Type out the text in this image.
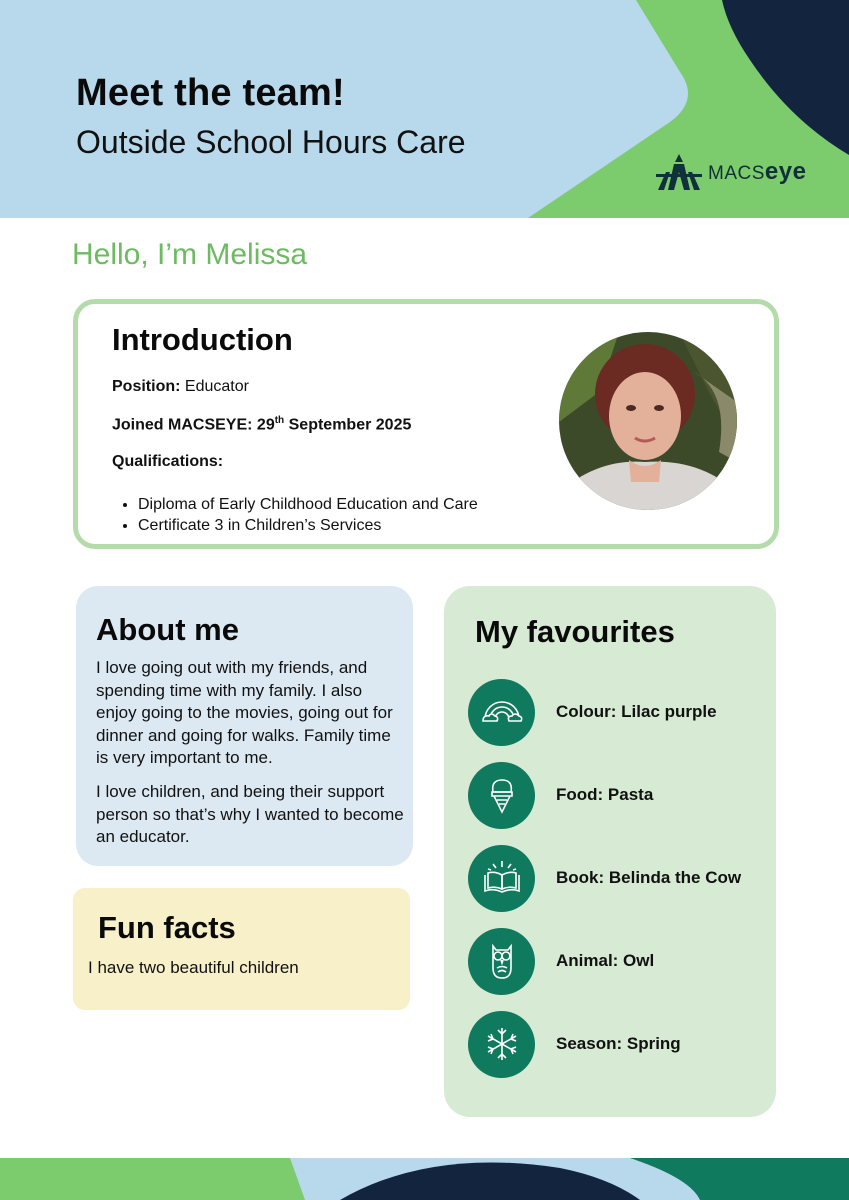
Meet the team!
Outside School Hours Care
MACSeye
Hello, I’m Melissa
Introduction
Position: Educator
Joined MACSEYE: 29th September 2025
Qualifications:
• Diploma of Early Childhood Education and Care
• Certificate 3 in Children’s Services
About me

I love going out with my friends, and spending time with my family. I also enjoy going to the movies, going out for dinner and going for walks. Family time is very important to me.

I love children, and being their support person so that’s why I wanted to become an educator.

Fun facts

I have two beautiful children

My favourites
Colour: Lilac purple
Food: Pasta
Book: Belinda the Cow
Animal: Owl
Season: Spring
